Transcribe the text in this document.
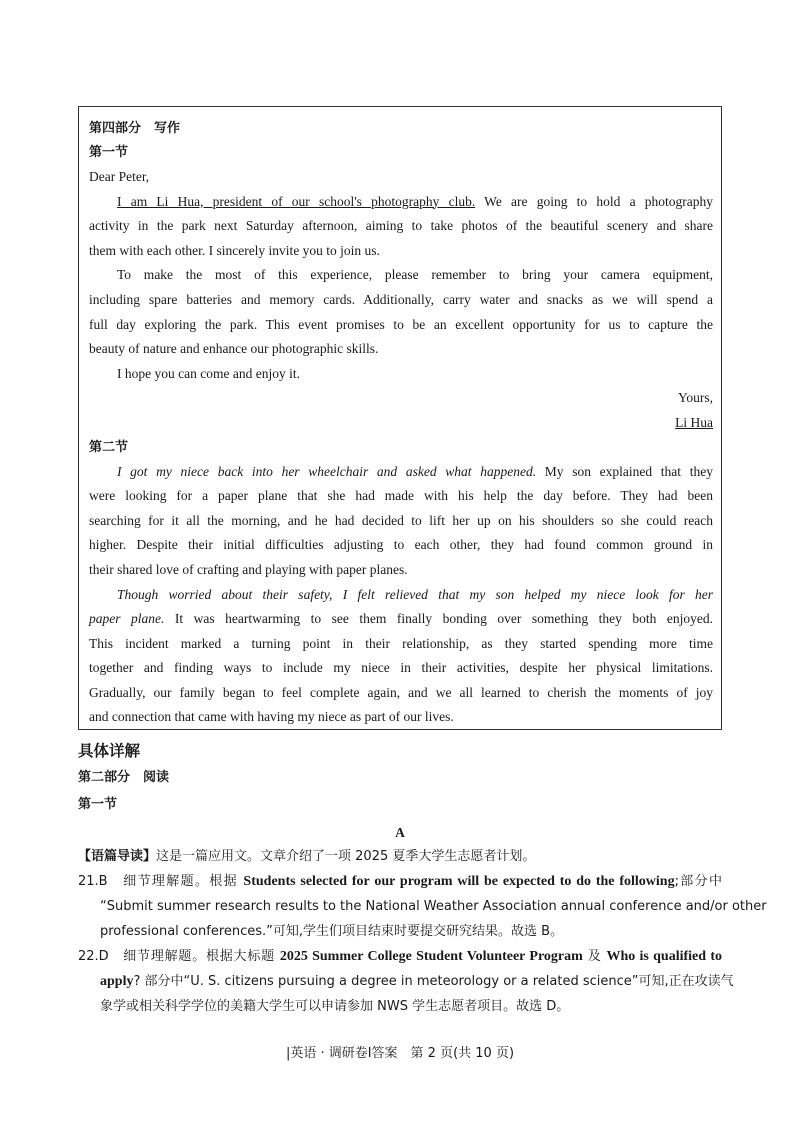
第四部分　写作
第一节
Dear Peter,
I am Li Hua, president of our school's photography club. We are going to hold a photography
activity in the park next Saturday afternoon, aiming to take photos of the beautiful scenery and share
them with each other. I sincerely invite you to join us.
To make the most of this experience, please remember to bring your camera equipment,
including spare batteries and memory cards. Additionally, carry water and snacks as we will spend a
full day exploring the park. This event promises to be an excellent opportunity for us to capture the
beauty of nature and enhance our photographic skills.
I hope you can come and enjoy it.
Yours,
Li Hua
第二节
I got my niece back into her wheelchair and asked what happened. My son explained that they
were looking for a paper plane that she had made with his help the day before. They had been
searching for it all the morning, and he had decided to lift her up on his shoulders so she could reach
higher. Despite their initial difficulties adjusting to each other, they had found common ground in
their shared love of crafting and playing with paper planes.
Though worried about their safety, I felt relieved that my son helped my niece look for her
paper plane. It was heartwarming to see them finally bonding over something they both enjoyed.
This incident marked a turning point in their relationship, as they started spending more time
together and finding ways to include my niece in their activities, despite her physical limitations.
Gradually, our family began to feel complete again, and we all learned to cherish the moments of joy
and connection that came with having my niece as part of our lives.
具体详解
第二部分　阅读
第一节
A
【语篇导读】这是一篇应用文。文章介绍了一项 2025 夏季大学生志愿者计划。
21.B　细节理解题。根据 Students selected for our program will be expected to do the following;部分中
“Submit summer research results to the National Weather Association annual conference and/or other
professional conferences.”可知,学生们项目结束时要提交研究结果。故选 B。
22.D　细节理解题。根据大标题 2025 Summer College Student Volunteer Program 及 Who is qualified to
apply? 部分中“U. S. citizens pursuing a degree in meteorology or a related science”可知,正在攻读气
象学或相关科学学位的美籍大学生可以申请参加 NWS 学生志愿者项目。故选 D。
|英语 · 调研卷Ⅰ答案　第 2 页(共 10 页)
